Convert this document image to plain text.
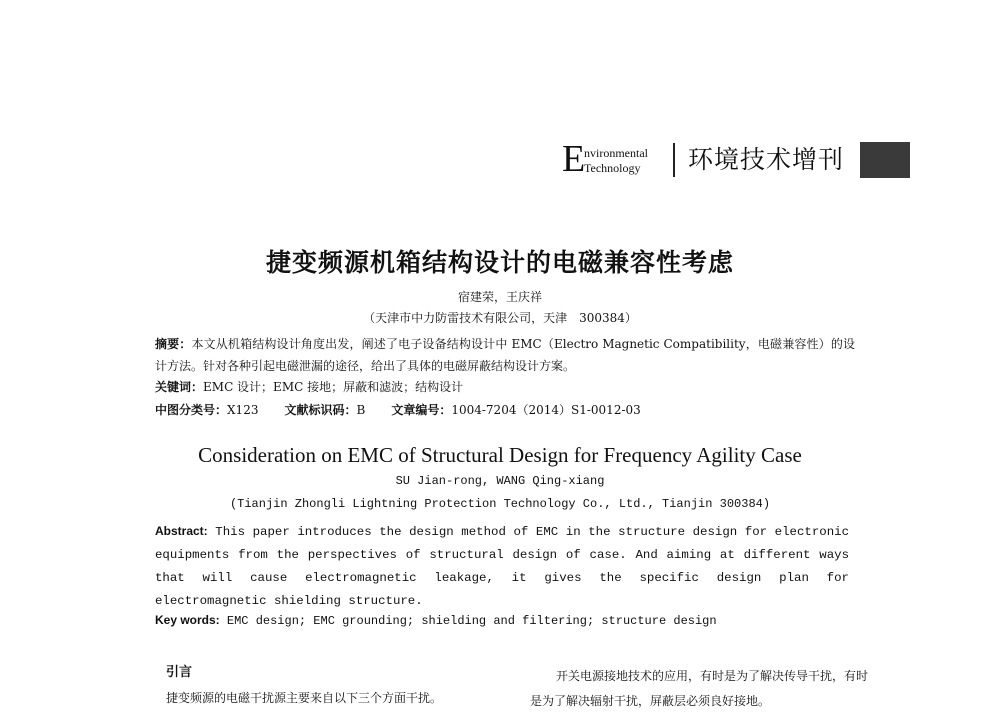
E
nvironmental
Technology 环境技术增刊
捷变频源机箱结构设计的电磁兼容性考虑
宿建荣，王庆祥
（天津市中力防雷技术有限公司，天津　300384）
摘要：本文从机箱结构设计角度出发，阐述了电子设备结构设计中 EMC（Electro Magnetic Compatibility，电磁兼容性）的设计方法。针对各种引起电磁泄漏的途径，给出了具体的电磁屏蔽结构设计方案。
关键词：EMC 设计；EMC 接地；屏蔽和滤波；结构设计
中图分类号：X123 文献标识码：B 文章编号：1004-7204（2014）S1-0012-03
Consideration on EMC of Structural Design for Frequency Agility Case
SU Jian-rong, WANG Qing-xiang
(Tianjin Zhongli Lightning Protection Technology Co., Ltd., Tianjin 300384)
Abstract: This paper introduces the design method of EMC in the structure design for electronic equipments from the perspectives of structural design of case. And aiming at different ways that will cause electromagnetic leakage, it gives the specific design plan for electromagnetic shielding structure.
Key words: EMC design; EMC grounding; shielding and filtering; structure design
引言
捷变频源的电磁干扰源主要来自以下三个方面干扰。
开关电源接地技术的应用，有时是为了解决传导干扰，有时是为了解决辐射干扰，屏蔽层必须良好接地。
